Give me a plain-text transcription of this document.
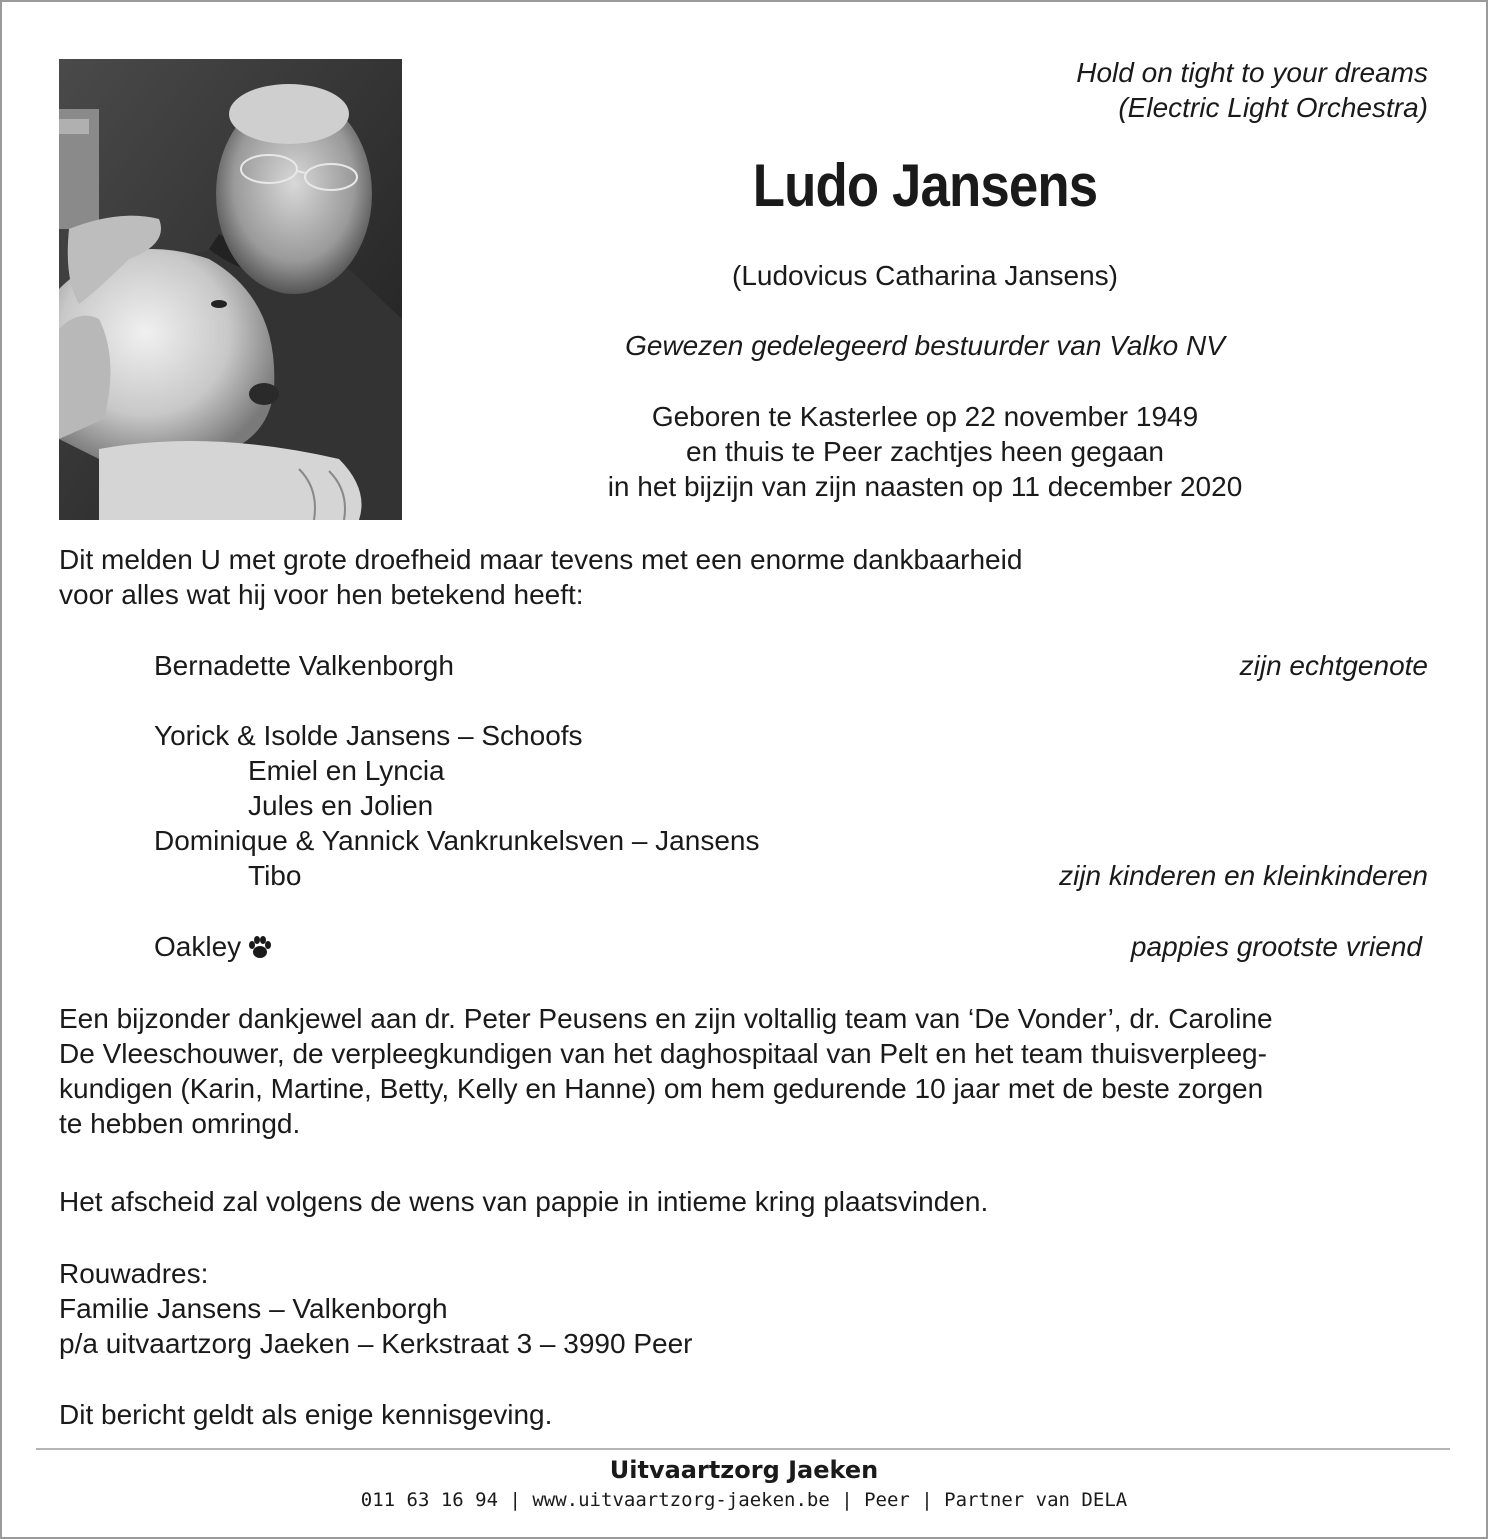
Hold on tight to your dreams
(Electric Light Orchestra)
Ludo Jansens
(Ludovicus Catharina Jansens)
Gewezen gedelegeerd bestuurder van Valko NV
Geboren te Kasterlee op 22 november 1949
en thuis te Peer zachtjes heen gegaan
in het bijzijn van zijn naasten op 11 december 2020
Dit melden U met grote droefheid maar tevens met een enorme dankbaarheid
voor alles wat hij voor hen betekend heeft:
Bernadette Valkenborgh	zijn echtgenote
Yorick & Isolde Jansens – Schoofs
Emiel en Lyncia
Jules en Jolien
Dominique & Yannick Vankrunkelsven – Jansens
Tibo	zijn kinderen en kleinkinderen
Oakley	pappies grootste vriend
Een bijzonder dankjewel aan dr. Peter Peusens en zijn voltallig team van ‘De Vonder’, dr. Caroline
De Vleeschouwer, de verpleegkundigen van het daghospitaal van Pelt en het team thuisverpleeg-
kundigen (Karin, Martine, Betty, Kelly en Hanne) om hem gedurende 10 jaar met de beste zorgen
te hebben omringd.
Het afscheid zal volgens de wens van pappie in intieme kring plaatsvinden.
Rouwadres:
Familie Jansens – Valkenborgh
p/a uitvaartzorg Jaeken – Kerkstraat 3 – 3990 Peer
Dit bericht geldt als enige kennisgeving.
Uitvaartzorg Jaeken
011 63 16 94 | www.uitvaartzorg-jaeken.be | Peer | Partner van DELA
